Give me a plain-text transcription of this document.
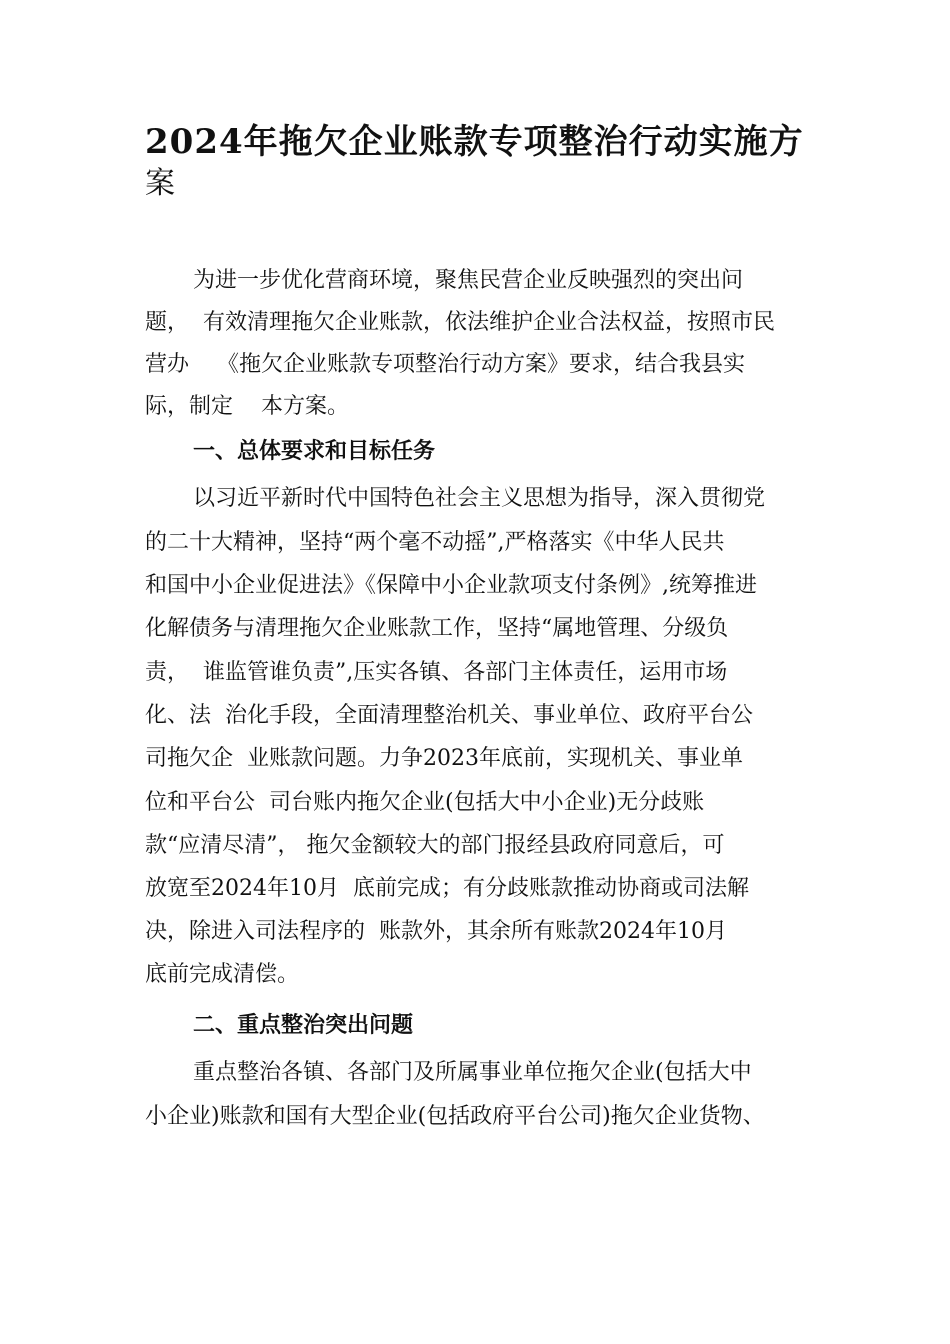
2024年拖欠企业账款专项整治行动实施方
案
为进一步优化营商环境，聚焦民营企业反映强烈的突出问
题，  有效清理拖欠企业账款，依法维护企业合法权益，按照市民
营办    《拖欠企业账款专项整治行动方案》要求，结合我县实
际，制定    本方案。
一、总体要求和目标任务
以习近平新时代中国特色社会主义思想为指导，深入贯彻党
的二十大精神，坚持“两个毫不动摇”,严格落实《中华人民共
和国中小企业促进法》《保障中小企业款项支付条例》,统筹推进
化解债务与清理拖欠企业账款工作，坚持“属地管理、分级负
责，  谁监管谁负责”,压实各镇、各部门主体责任，运用市场
化、法  治化手段，全面清理整治机关、事业单位、政府平台公
司拖欠企  业账款问题。力争2023年底前，实现机关、事业单
位和平台公  司台账内拖欠企业(包括大中小企业)无分歧账
款“应清尽清”， 拖欠金额较大的部门报经县政府同意后，可
放宽至2024年10月  底前完成；有分歧账款推动协商或司法解
决，除进入司法程序的  账款外，其余所有账款2024年10月
底前完成清偿。
二、重点整治突出问题
重点整治各镇、各部门及所属事业单位拖欠企业(包括大中
小企业)账款和国有大型企业(包括政府平台公司)拖欠企业货物、
